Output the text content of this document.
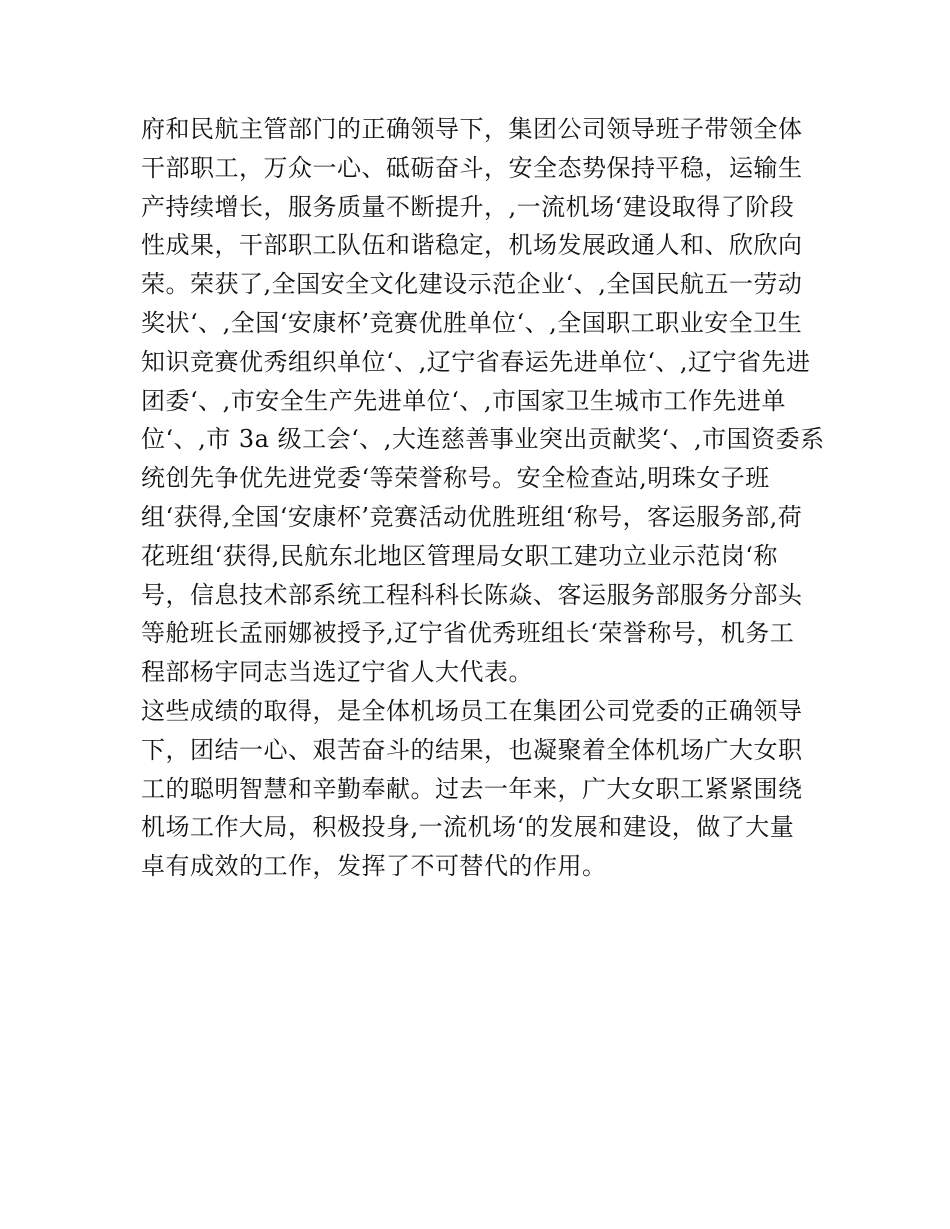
府和民航主管部门的正确领导下，集团公司领导班子带领全体
干部职工，万众一心、砥砺奋斗，安全态势保持平稳，运输生
产持续增长，服务质量不断提升，,一流机场‘建设取得了阶段
性成果，干部职工队伍和谐稳定，机场发展政通人和、欣欣向
荣。荣获了,全国安全文化建设示范企业‘、,全国民航五一劳动
奖状‘、,全国‘安康杯’竞赛优胜单位‘、,全国职工职业安全卫生
知识竞赛优秀组织单位‘、,辽宁省春运先进单位‘、,辽宁省先进
团委‘、,市安全生产先进单位‘、,市国家卫生城市工作先进单
位‘、,市 3a 级工会‘、,大连慈善事业突出贡献奖‘、,市国资委系
统创先争优先进党委‘等荣誉称号。安全检查站,明珠女子班
组‘获得,全国‘安康杯’竞赛活动优胜班组‘称号，客运服务部,荷
花班组‘获得,民航东北地区管理局女职工建功立业示范岗‘称
号，信息技术部系统工程科科长陈焱、客运服务部服务分部头
等舱班长孟丽娜被授予,辽宁省优秀班组长‘荣誉称号，机务工
程部杨宇同志当选辽宁省人大代表。
这些成绩的取得，是全体机场员工在集团公司党委的正确领导
下，团结一心、艰苦奋斗的结果，也凝聚着全体机场广大女职
工的聪明智慧和辛勤奉献。过去一年来，广大女职工紧紧围绕
机场工作大局，积极投身,一流机场‘的发展和建设，做了大量
卓有成效的工作，发挥了不可替代的作用。
